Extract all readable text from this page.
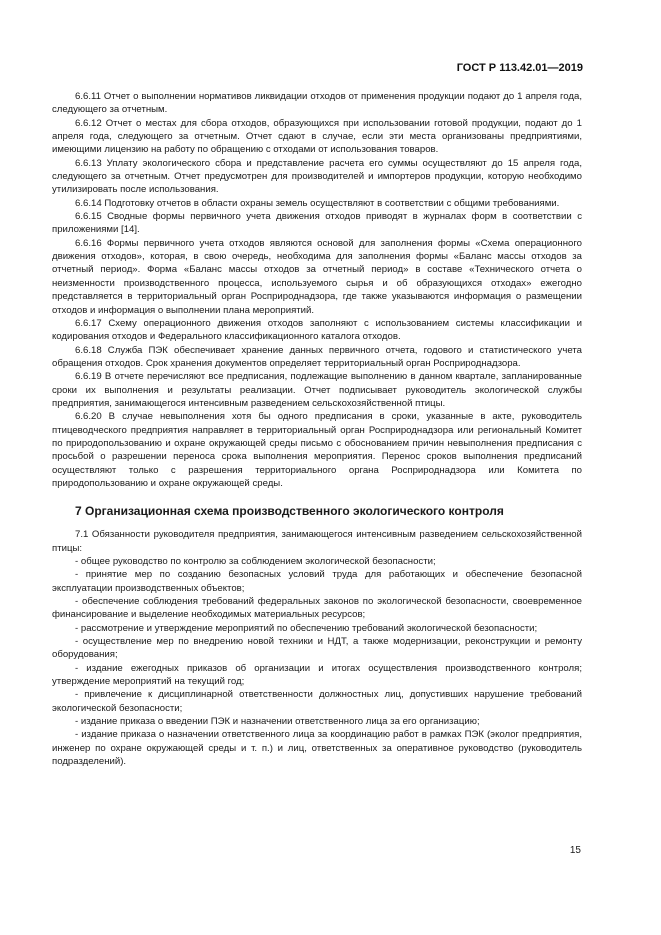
ГОСТ Р 113.42.01—2019

6.6.11 Отчет о выполнении нормативов ликвидации отходов от применения продукции подают до 1 апреля года, следующего за отчетным.

6.6.12 Отчет о местах для сбора отходов, образующихся при использовании готовой продукции, подают до 1 апреля года, следующего за отчетным. Отчет сдают в случае, если эти места организованы предприятиями, имеющими лицензию на работу по обращению с отходами от использования товаров.

6.6.13 Уплату экологического сбора и представление расчета его суммы осуществляют до 15 апреля года, следующего за отчетным. Отчет предусмотрен для производителей и импортеров продукции, которую необходимо утилизировать после использования.

6.6.14 Подготовку отчетов в области охраны земель осуществляют в соответствии с общими требованиями.

6.6.15 Сводные формы первичного учета движения отходов приводят в журналах форм в соответствии с приложениями [14].

6.6.16 Формы первичного учета отходов являются основой для заполнения формы «Схема операционного движения отходов», которая, в свою очередь, необходима для заполнения формы «Баланс массы отходов за отчетный период». Форма «Баланс массы отходов за отчетный период» в составе «Технического отчета о неизменности производственного процесса, используемого сырья и об образующихся отходах» ежегодно представляется в территориальный орган Росприроднадзора, где также указываются информация о размещении отходов и информация о выполнении плана мероприятий.

6.6.17 Схему операционного движения отходов заполняют с использованием системы классификации и кодирования отходов и Федерального классификационного каталога отходов.

6.6.18 Служба ПЭК обеспечивает хранение данных первичного отчета, годового и статистического учета обращения отходов. Срок хранения документов определяет территориальный орган Росприроднадзора.

6.6.19 В отчете перечисляют все предписания, подлежащие выполнению в данном квартале, запланированные сроки их выполнения и результаты реализации. Отчет подписывает руководитель экологической службы предприятия, занимающегося интенсивным разведением сельскохозяйственной птицы.

6.6.20 В случае невыполнения хотя бы одного предписания в сроки, указанные в акте, руководитель птицеводческого предприятия направляет в территориальный орган Росприроднадзора или региональный Комитет по природопользованию и охране окружающей среды письмо с обоснованием причин невыполнения предписания с просьбой о разрешении переноса срока выполнения мероприятия. Перенос сроков выполнения предписаний осуществляют только с разрешения территориального органа Росприроднадзора или Комитета по природопользованию и охране окружающей среды.

7 Организационная схема производственного экологического контроля

7.1 Обязанности руководителя предприятия, занимающегося интенсивным разведением сельскохозяйственной птицы:

- общее руководство по контролю за соблюдением экологической безопасности;

- принятие мер по созданию безопасных условий труда для работающих и обеспечение безопасной эксплуатации производственных объектов;

- обеспечение соблюдения требований федеральных законов по экологической безопасности, своевременное финансирование и выделение необходимых материальных ресурсов;

- рассмотрение и утверждение мероприятий по обеспечению требований экологической безопасности;

- осуществление мер по внедрению новой техники и НДТ, а также модернизации, реконструкции и ремонту оборудования;

- издание ежегодных приказов об организации и итогах осуществления производственного контроля; утверждение мероприятий на текущий год;

- привлечение к дисциплинарной ответственности должностных лиц, допустивших нарушение требований экологической безопасности;

- издание приказа о введении ПЭК и назначении ответственного лица за его организацию;

- издание приказа о назначении ответственного лица за координацию работ в рамках ПЭК (эколог предприятия, инженер по охране окружающей среды и т. п.) и лиц, ответственных за оперативное руководство (руководитель подразделений).

15
